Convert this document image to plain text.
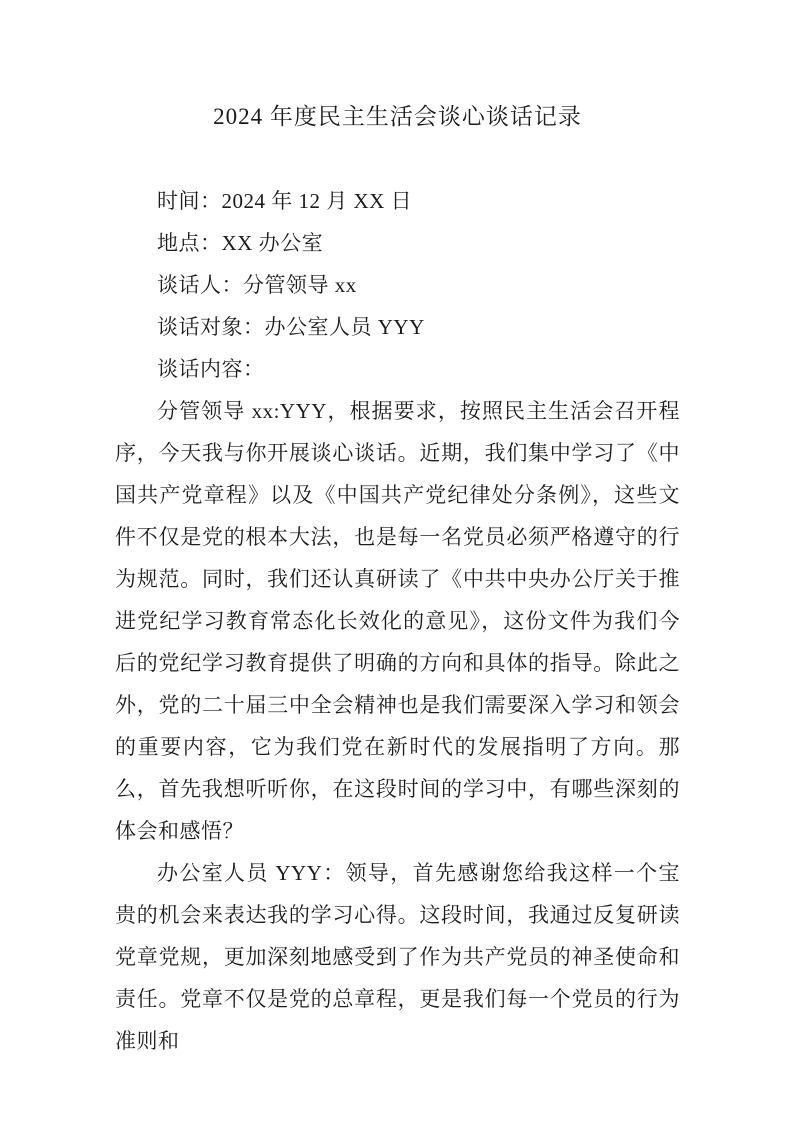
2024 年度民主生活会谈心谈话记录

时间：2024 年 12 月 XX 日

地点：XX 办公室

谈话人：分管领导 xx

谈话对象：办公室人员 YYY

谈话内容：

分管领导 xx:YYY，根据要求，按照民主生活会召开程序，今天我与你开展谈心谈话。近期，我们集中学习了《中国共产党章程》以及《中国共产党纪律处分条例》，这些文件不仅是党的根本大法，也是每一名党员必须严格遵守的行为规范。同时，我们还认真研读了《中共中央办公厅关于推进党纪学习教育常态化长效化的意见》，这份文件为我们今后的党纪学习教育提供了明确的方向和具体的指导。除此之外，党的二十届三中全会精神也是我们需要深入学习和领会的重要内容，它为我们党在新时代的发展指明了方向。那么，首先我想听听你，在这段时间的学习中，有哪些深刻的体会和感悟？

办公室人员 YYY：领导，首先感谢您给我这样一个宝贵的机会来表达我的学习心得。这段时间，我通过反复研读党章党规，更加深刻地感受到了作为共产党员的神圣使命和责任。党章不仅是党的总章程，更是我们每一个党员的行为准则和
